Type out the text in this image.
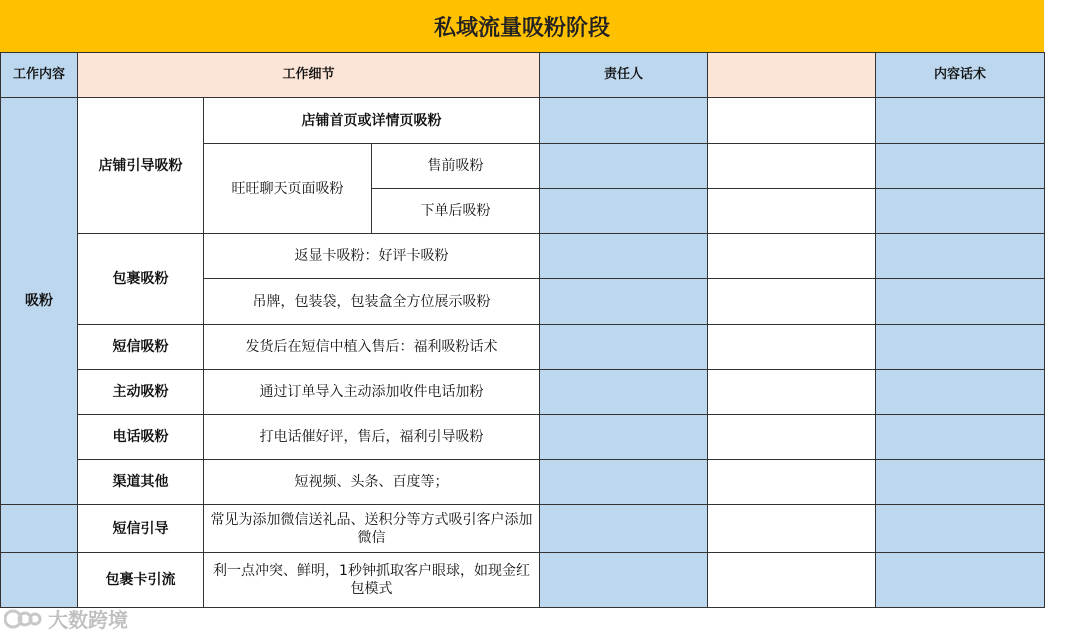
私域流量吸粉阶段
工作内容	工作细节			责任人		内容话术
吸粉	店铺引导吸粉	店铺首页或详情页吸粉				
		旺旺聊天页面吸粉	售前吸粉			
			下单后吸粉			
	包裹吸粉	返显卡吸粉：好评卡吸粉				
		吊牌，包装袋，包装盒全方位展示吸粉				
	短信吸粉	发货后在短信中植入售后：福利吸粉话术				
	主动吸粉	通过订单导入主动添加收件电话加粉				
	电话吸粉	打电话催好评，售后，福利引导吸粉				
	渠道其他	短视频、头条、百度等；				
	短信引导	常见为添加微信送礼品、送积分等方式吸引客户添加微信				
	包裹卡引流	利一点冲突、鲜明，1秒钟抓取客户眼球，如现金红包模式				
大数跨境
